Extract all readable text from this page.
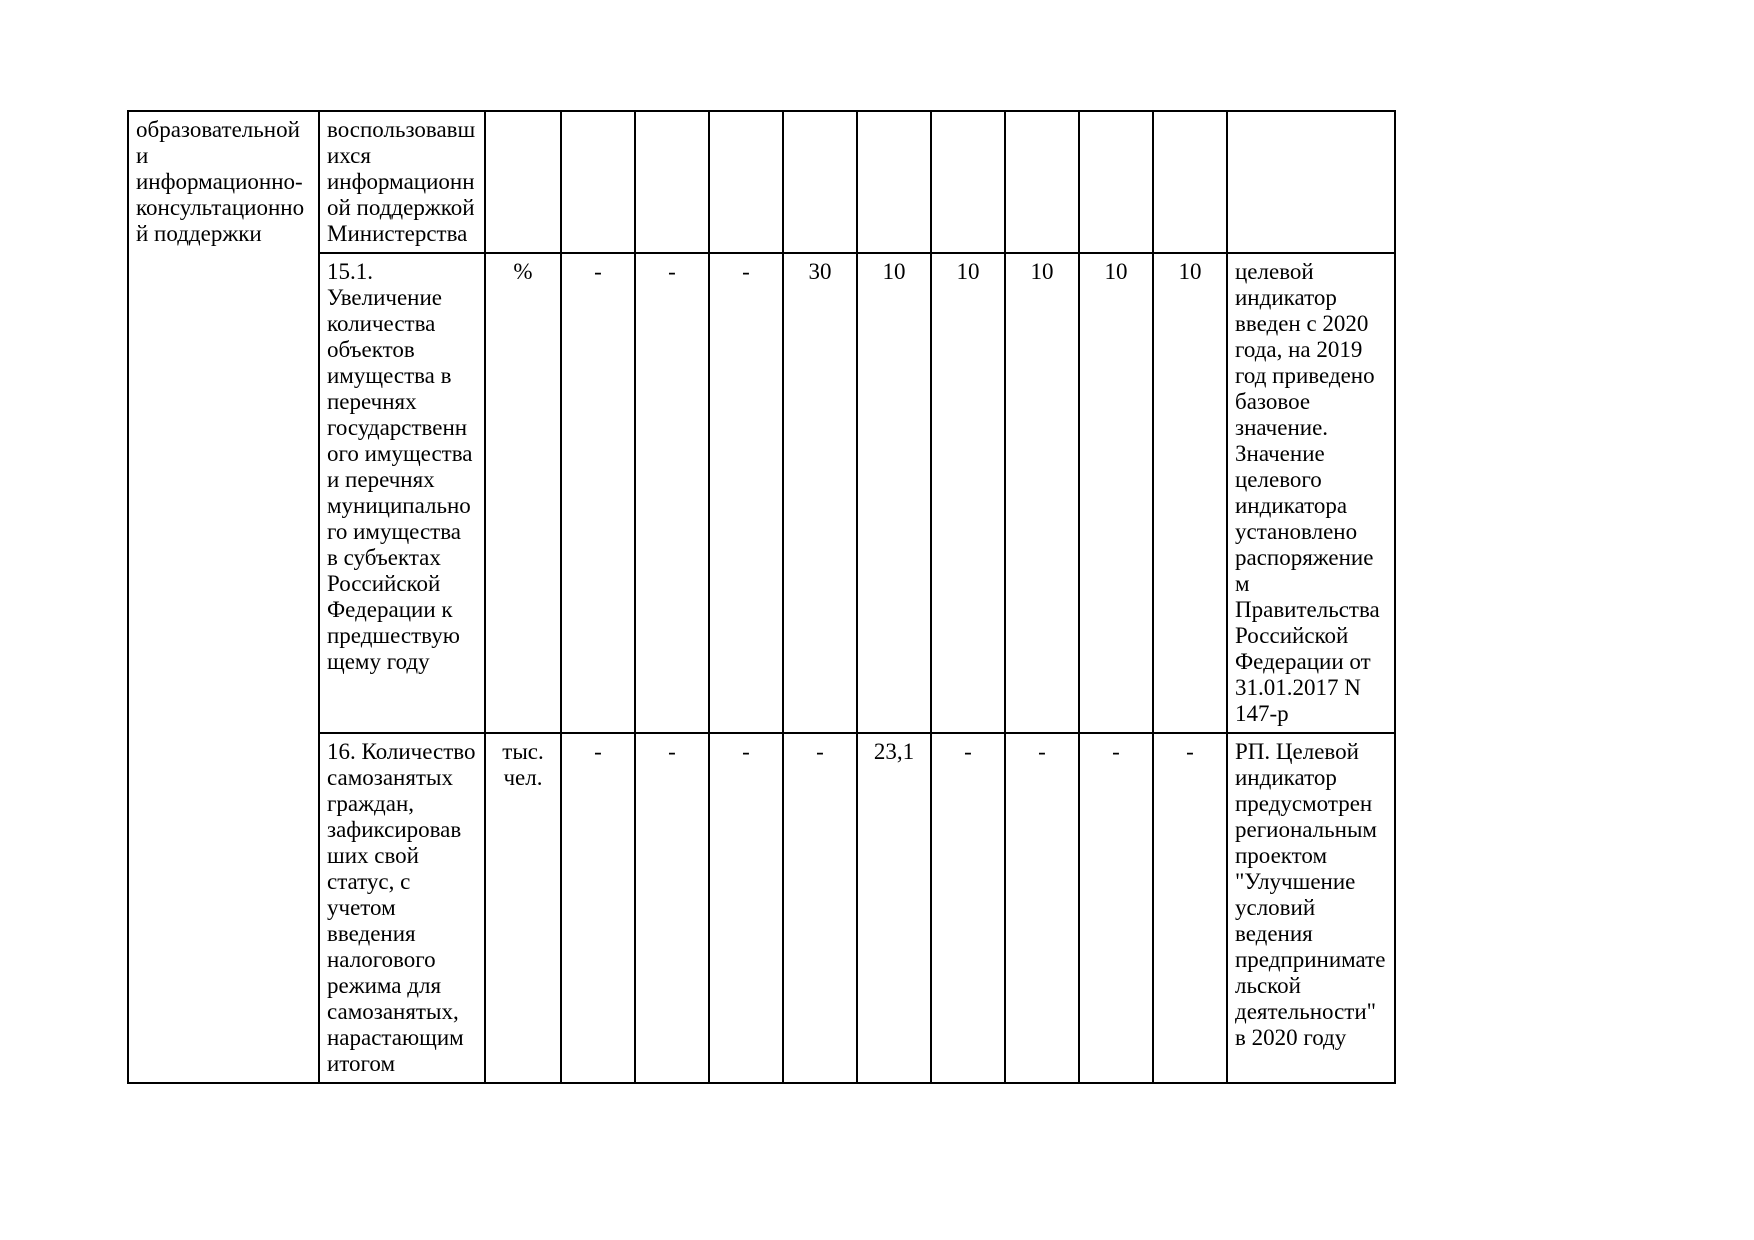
образовательной и информационно-консультационной поддержки	воспользовавшихся информационной поддержкой Министерства											
	15.1. Увеличение количества объектов имущества в перечнях государственного имущества и перечнях муниципального имущества в субъектах Российской Федерации к предшествующему году	%	-	-	-	30	10	10	10	10	10	целевой индикатор введен с 2020 года, на 2019 год приведено базовое значение. Значение целевого индикатора установлено распоряжением Правительства Российской Федерации от 31.01.2017 N 147-р
	16. Количество самозанятых граждан, зафиксировавших свой статус, с учетом введения налогового режима для самозанятых, нарастающим итогом	тыс. чел.	-	-	-	-	23,1	-	-	-	-	РП. Целевой индикатор предусмотрен региональным проектом "Улучшение условий ведения предпринимательской деятельности" в 2020 году
